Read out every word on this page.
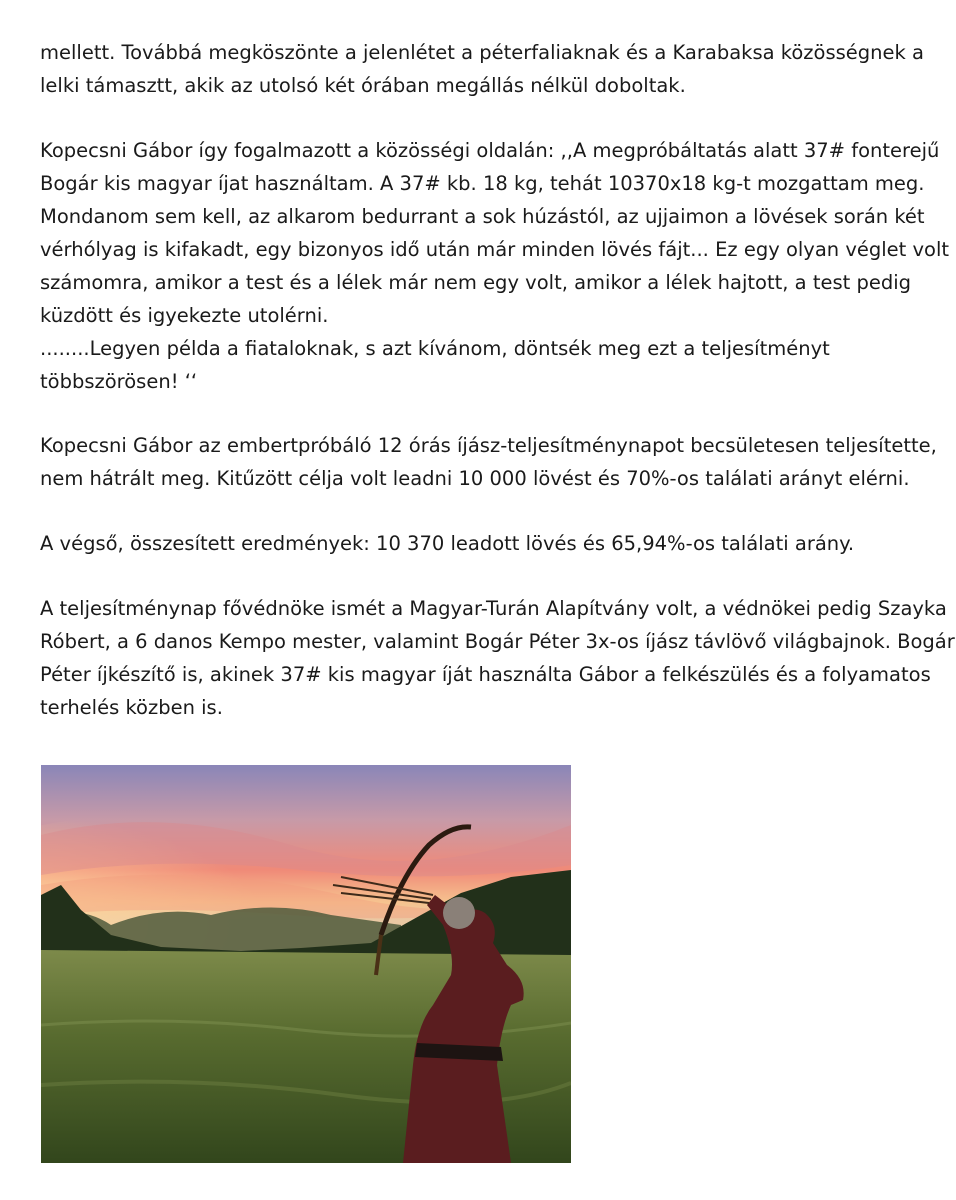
mellett. Továbbá megköszönte a jelenlétet a péterfaliaknak és a Karabaksa közösségnek a
lelki támasztt, akik az utolsó két órában megállás nélkül doboltak.
Kopecsni Gábor így fogalmazott a közösségi oldalán: ,,A megpróbáltatás alatt 37# fonterejű
Bogár kis magyar íjat használtam. A 37# kb. 18 kg, tehát 10370x18 kg-t mozgattam meg.
Mondanom sem kell, az alkarom bedurrant a sok húzástól, az ujjaimon a lövések során két
vérhólyag is kifakadt, egy bizonyos idő után már minden lövés fájt... Ez egy olyan véglet volt
számomra, amikor a test és a lélek már nem egy volt, amikor a lélek hajtott, a test pedig
küzdött és igyekezte utolérni.
........Legyen példa a fiataloknak, s azt kívánom, döntsék meg ezt a teljesítményt
többszörösen! ‘‘
Kopecsni Gábor az embertpróbáló 12 órás íjász-teljesítménynapot becsületesen teljesítette,
nem hátrált meg. Kitűzött célja volt leadni 10 000 lövést és 70%-os találati arányt elérni.
A végső, összesített eredmények: 10 370 leadott lövés és 65,94%-os találati arány.
A teljesítménynap fővédnöke ismét a Magyar-Turán Alapítvány volt, a védnökei pedig Szayka
Róbert, a 6 danos Kempo mester, valamint Bogár Péter 3x-os íjász távlövő világbajnok. Bogár
Péter íjkészítő is, akinek 37# kis magyar íját használta Gábor a felkészülés és a folyamatos
terhelés közben is.
